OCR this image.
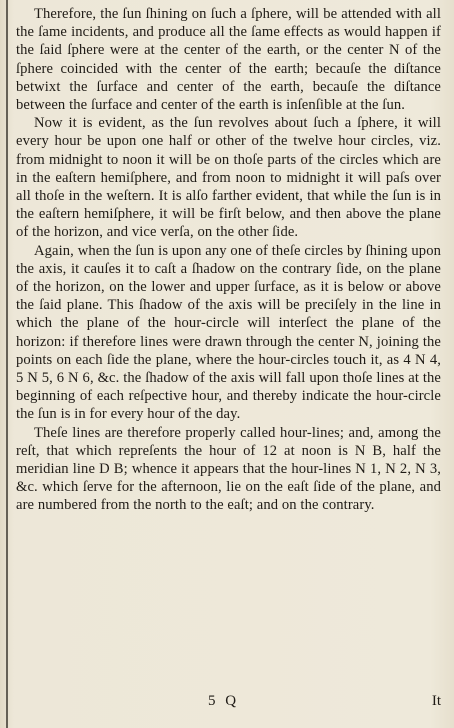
Therefore, the ſun ſhining on ſuch a ſphere, will be attended with all the ſame incidents, and produce all the ſame effects as would happen if the ſaid ſphere were at the center of the earth, or the center N of the ſphere coincided with the center of the earth; becauſe the diſtance betwixt the ſurface and center of the earth, becauſe the diſtance between the ſurface and center of the earth is inſenſible at the ſun.

Now it is evident, as the ſun revolves about ſuch a ſphere, it will every hour be upon one half or other of the twelve hour circles, viz. from midnight to noon it will be on thoſe parts of the circles which are in the eaſtern hemiſphere, and from noon to midnight it will paſs over all thoſe in the weſtern. It is alſo farther evident, that while the ſun is in the eaſtern hemiſphere, it will be firſt below, and then above the plane of the horizon, and vice verſa, on the other ſide.

Again, when the ſun is upon any one of theſe circles by ſhining upon the axis, it cauſes it to caſt a ſhadow on the contrary ſide, on the plane of the horizon, on the lower and upper ſurface, as it is below or above the ſaid plane. This ſhadow of the axis will be preciſely in the line in which the plane of the hour-circle will interſect the plane of the horizon: if therefore lines were drawn through the center N, joining the points on each ſide the plane, where the hour-circles touch it, as 4 N 4, 5 N 5, 6 N 6, &c. the ſhadow of the axis will fall upon thoſe lines at the beginning of each reſpective hour, and thereby indicate the hour-circle the ſun is in for every hour of the day.

Theſe lines are therefore properly called hour-lines; and, among the reſt, that which repreſents the hour of 12 at noon is N B, half the meridian line D B; whence it appears that the hour-lines N 1, N 2, N 3, &c. which ſerve for the afternoon, lie on the eaſt ſide of the plane, and are numbered from the north to the eaſt; and on the contrary.

5 Q	It
